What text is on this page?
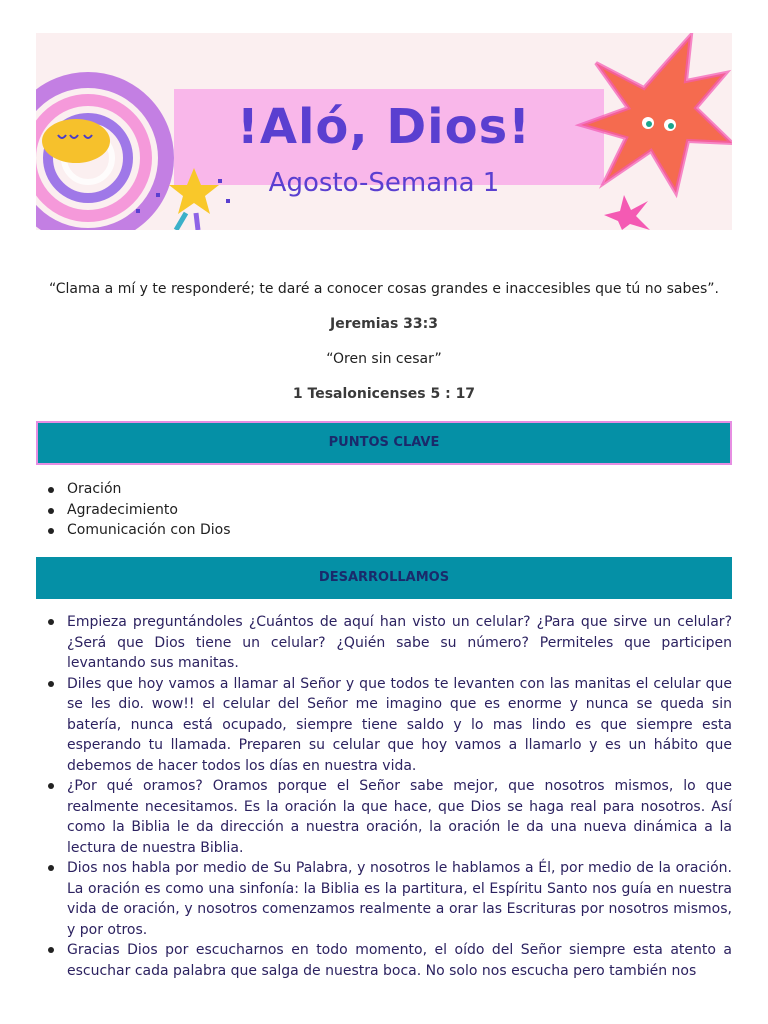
!Aló, Dios!
Agosto-Semana 1
“Clama a mí y te responderé; te daré a conocer cosas grandes e inaccesibles que tú no sabes”.
Jeremias 33:3
“Oren sin cesar”
1 Tesalonicenses 5 : 17
PUNTOS CLAVE
Oración
Agradecimiento
Comunicación con Dios
DESARROLLAMOS
Empieza preguntándoles ¿Cuántos de aquí han visto un celular? ¿Para que sirve un celular? ¿Será que Dios tiene un celular? ¿Quién sabe su número? Permiteles que participen levantando sus manitas.
Diles que hoy vamos a llamar al Señor y que todos te levanten con las manitas el celular que se les dio. wow!! el celular del Señor me imagino que es enorme y nunca se queda sin batería, nunca está ocupado, siempre tiene saldo y lo mas lindo es que siempre esta esperando tu llamada. Preparen su celular que hoy vamos a llamarlo y es un hábito que debemos de hacer todos los días en nuestra vida.
¿Por qué oramos? Oramos porque el Señor sabe mejor, que nosotros mismos, lo que realmente necesitamos. Es la oración la que hace, que Dios se haga real para nosotros. Así como la Biblia le da dirección a nuestra oración, la oración le da una nueva dinámica a la lectura de nuestra Biblia.
Dios nos habla por medio de Su Palabra, y nosotros le hablamos a Él, por medio de la oración. La oración es como una sinfonía: la Biblia es la partitura, el Espíritu Santo nos guía en nuestra vida de oración, y nosotros comenzamos realmente a orar las Escrituras por nosotros mismos, y por otros.
Gracias Dios por escucharnos en todo momento, el oído del Señor siempre esta atento a escuchar cada palabra que salga de nuestra boca. No solo nos escucha pero también nos
